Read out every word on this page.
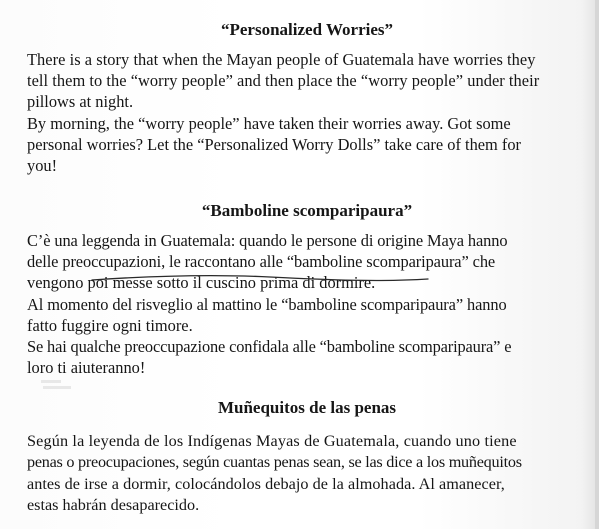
“Personalized Worries”

There is a story that when the Mayan people of Guatemala have worries they
tell them to the “worry people” and then place the “worry people” under their
pillows at night.
By morning, the “worry people” have taken their worries away. Got some
personal worries? Let the “Personalized Worry Dolls” take care of them for
you!

“Bamboline scomparipaura”

C’è una leggenda in Guatemala: quando le persone di origine Maya hanno
delle preoccupazioni, le raccontano alle “bamboline scomparipaura” che
vengono poi messe sotto il cuscino prima di dormire.
Al momento del risveglio al mattino le “bamboline scomparipaura” hanno
fatto fuggire ogni timore.
Se hai qualche preoccupazione confidala alle “bamboline scomparipaura” e
loro ti aiuteranno!

Muñequitos de las penas

Según la leyenda de los Indígenas Mayas de Guatemala, cuando uno tiene
penas o preocupaciones, según cuantas penas sean, se las dice a los muñequitos
antes de irse a dormir, colocándolos debajo de la almohada. Al amanecer,
estas habrán desaparecido.
